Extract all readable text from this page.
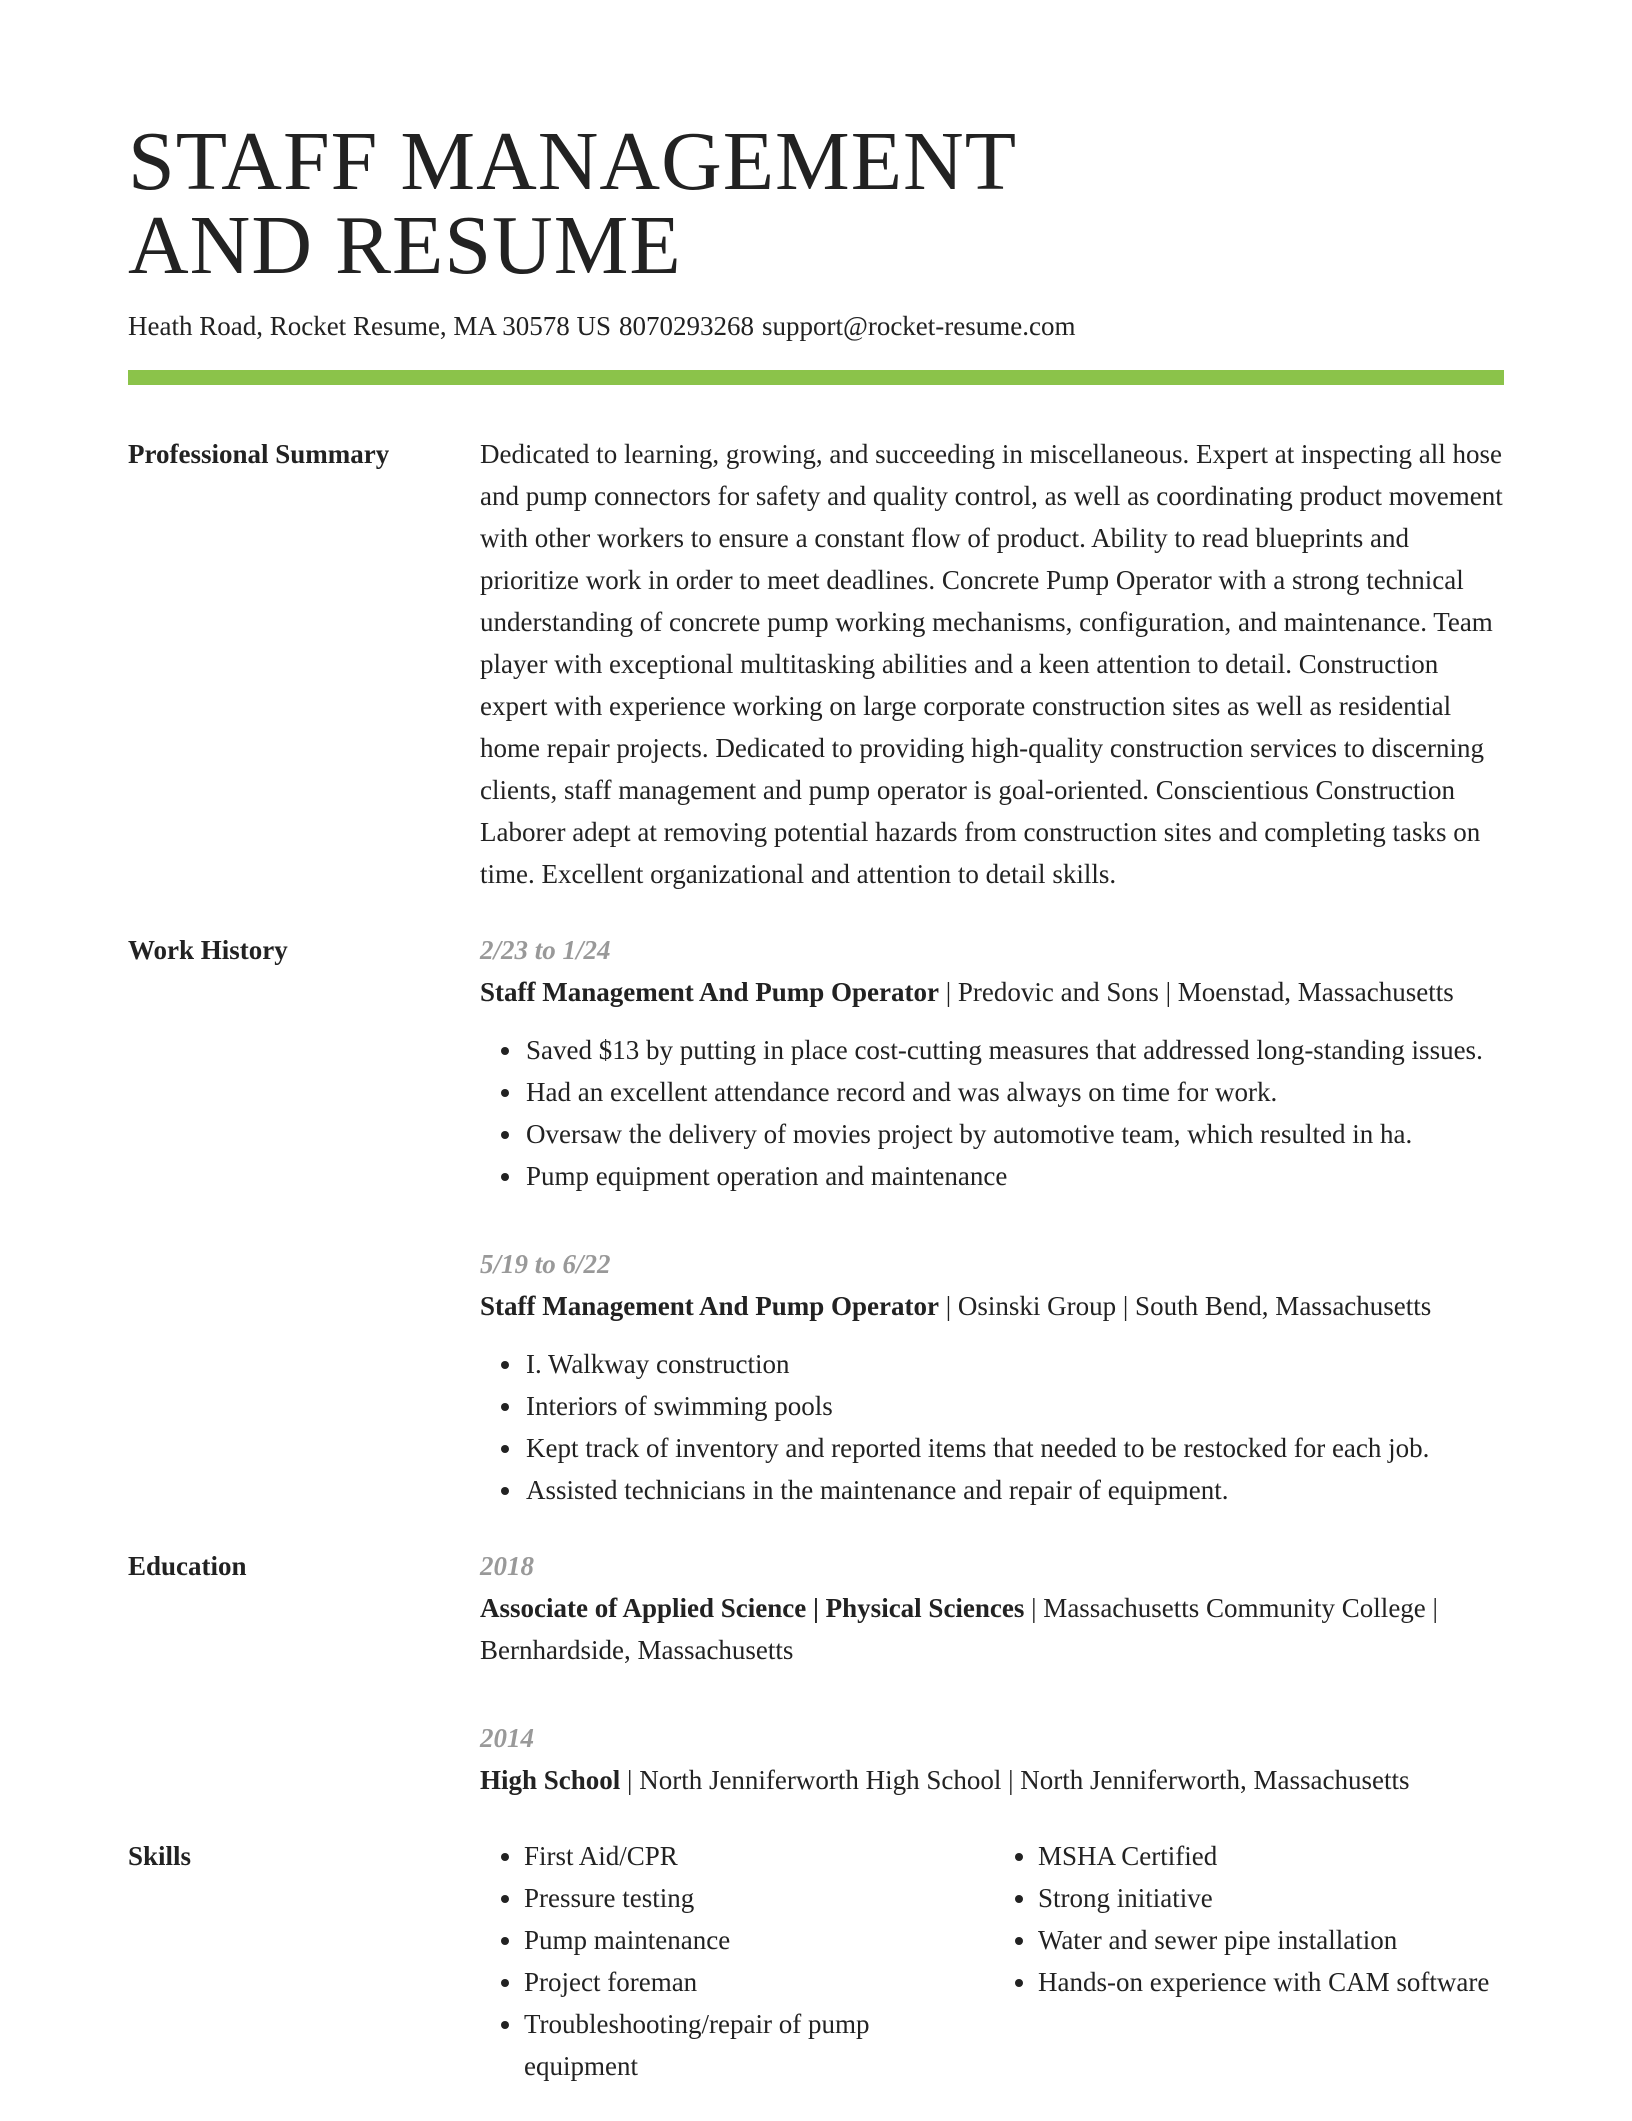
STAFF MANAGEMENT
AND RESUME
Heath Road, Rocket Resume, MA 30578 US 8070293268 support@rocket-resume.com
Professional Summary	Dedicated to learning, growing, and succeeding in miscellaneous. Expert at inspecting all hose and pump connectors for safety and quality control, as well as coordinating product movement with other workers to ensure a constant flow of product. Ability to read blueprints and prioritize work in order to meet deadlines. Concrete Pump Operator with a strong technical understanding of concrete pump working mechanisms, configuration, and maintenance. Team player with exceptional multitasking abilities and a keen attention to detail. Construction expert with experience working on large corporate construction sites as well as residential home repair projects. Dedicated to providing high-quality construction services to discerning clients, staff management and pump operator is goal-oriented. Conscientious Construction Laborer adept at removing potential hazards from construction sites and completing tasks on time. Excellent organizational and attention to detail skills.

Work History	2/23 to 1/24
Staff Management And Pump Operator | Predovic and Sons | Moenstad, Massachusetts
• Saved $13 by putting in place cost-cutting measures that addressed long-standing issues.
• Had an excellent attendance record and was always on time for work.
• Oversaw the delivery of movies project by automotive team, which resulted in ha.
• Pump equipment operation and maintenance
5/19 to 6/22
Staff Management And Pump Operator | Osinski Group | South Bend, Massachusetts
• I. Walkway construction
• Interiors of swimming pools
• Kept track of inventory and reported items that needed to be restocked for each job.
• Assisted technicians in the maintenance and repair of equipment.
Education	2018
Associate of Applied Science | Physical Sciences | Massachusetts Community College | Bernhardside, Massachusetts
2014
High School | North Jenniferworth High School | North Jenniferworth, Massachusetts
Skills
•	First Aid/CPR
• Pressure testing
• Pump maintenance
• Project foreman
• Troubleshooting/repair of pump equipment
• MSHA Certified
• Strong initiative
• Water and sewer pipe installation
• Hands-on experience with CAM software
